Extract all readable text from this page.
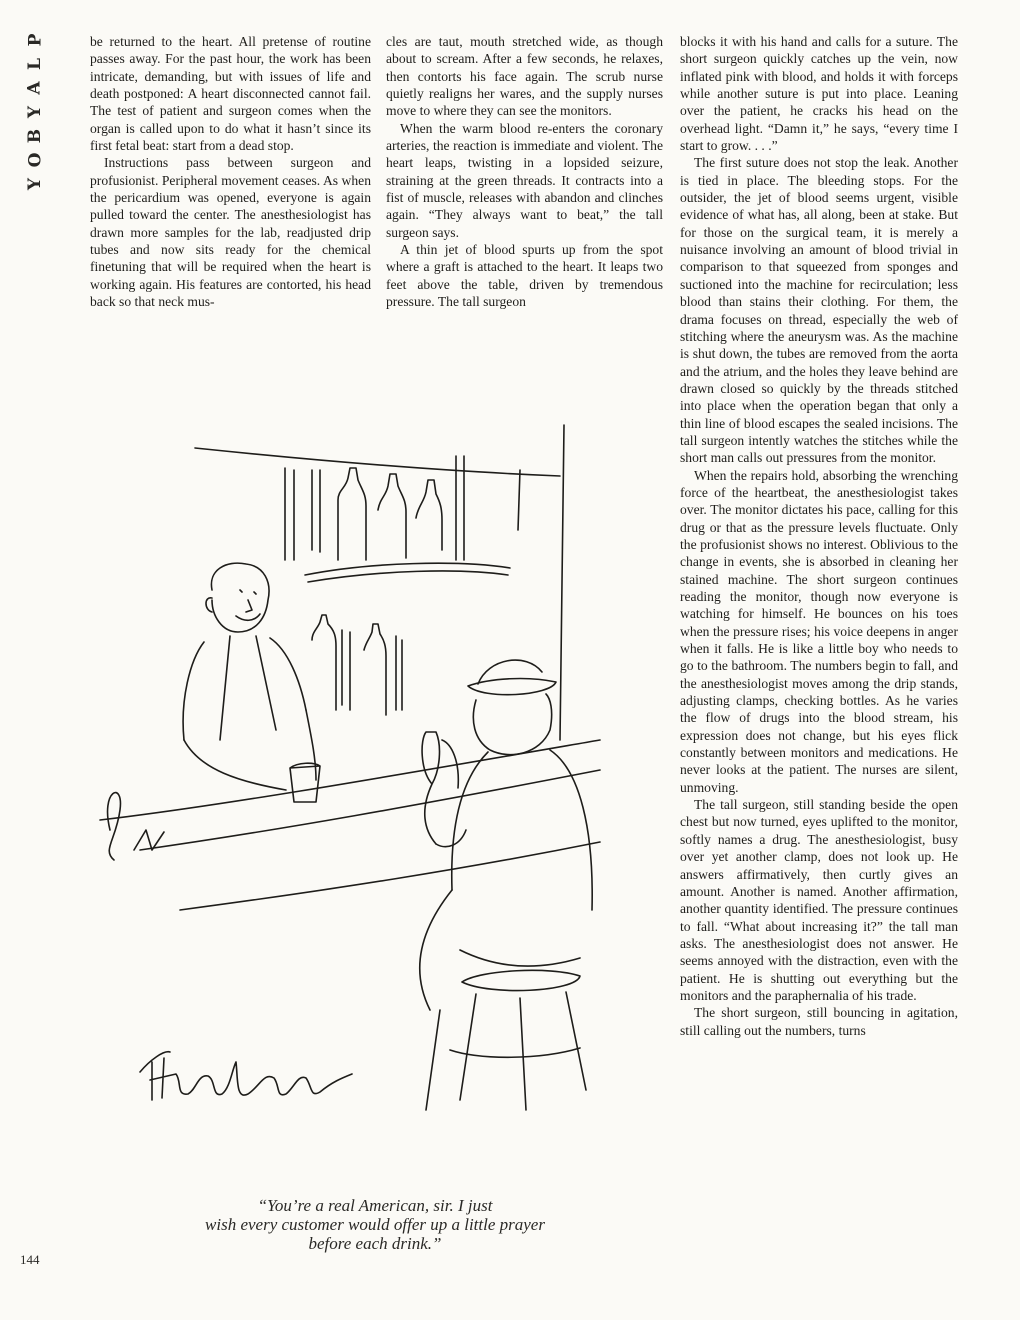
P
L
A
Y
B
O
Y

be returned to the heart. All pretense of routine passes away. For the past hour, the work has been intricate, demanding, but with issues of life and death postponed: A heart disconnected cannot fail. The test of patient and surgeon comes when the organ is called upon to do what it hasn’t since its first fetal beat: start from a dead stop.

Instructions pass between surgeon and profusionist. Peripheral movement ceases. As when the pericardium was opened, everyone is again pulled toward the center. The anesthesiologist has drawn more samples for the lab, readjusted drip tubes and now sits ready for the chemical finetuning that will be required when the heart is working again. His features are contorted, his head back so that neck mus-

cles are taut, mouth stretched wide, as though about to scream. After a few seconds, he relaxes, then contorts his face again. The scrub nurse quietly realigns her wares, and the supply nurses move to where they can see the monitors.

When the warm blood re-enters the coronary arteries, the reaction is immediate and violent. The heart leaps, twisting in a lopsided seizure, straining at the green threads. It contracts into a fist of muscle, releases with abandon and clinches again. “They always want to beat,” the tall surgeon says.

A thin jet of blood spurts up from the spot where a graft is attached to the heart. It leaps two feet above the table, driven by tremendous pressure. The tall surgeon

blocks it with his hand and calls for a suture. The short surgeon quickly catches up the vein, now inflated pink with blood, and holds it with forceps while another suture is put into place. Leaning over the patient, he cracks his head on the overhead light. “Damn it,” he says, “every time I start to grow. . . .”

The first suture does not stop the leak. Another is tied in place. The bleeding stops. For the outsider, the jet of blood seems urgent, visible evidence of what has, all along, been at stake. But for those on the surgical team, it is merely a nuisance involving an amount of blood trivial in comparison to that squeezed from sponges and suctioned into the machine for recirculation; less blood than stains their clothing. For them, the drama focuses on thread, especially the web of stitching where the aneurysm was. As the machine is shut down, the tubes are removed from the aorta and the atrium, and the holes they leave behind are drawn closed so quickly by the threads stitched into place when the operation began that only a thin line of blood escapes the sealed incisions. The tall surgeon intently watches the stitches while the short man calls out pressures from the monitor.

When the repairs hold, absorbing the wrenching force of the heartbeat, the anesthesiologist takes over. The monitor dictates his pace, calling for this drug or that as the pressure levels fluctuate. Only the profusionist shows no interest. Oblivious to the change in events, she is absorbed in cleaning her stained machine. The short surgeon continues reading the monitor, though now everyone is watching for himself. He bounces on his toes when the pressure rises; his voice deepens in anger when it falls. He is like a little boy who needs to go to the bathroom. The numbers begin to fall, and the anesthesiologist moves among the drip stands, adjusting clamps, checking bottles. As he varies the flow of drugs into the blood stream, his expression does not change, but his eyes flick constantly between monitors and medications. He never looks at the patient. The nurses are silent, unmoving.

The tall surgeon, still standing beside the open chest but now turned, eyes uplifted to the monitor, softly names a drug. The anesthesiologist, busy over yet another clamp, does not look up. He answers affirmatively, then curtly gives an amount. Another is named. Another affirmation, another quantity identified. The pressure continues to fall. “What about increasing it?” the tall man asks. The anesthesiologist does not answer. He seems annoyed with the distraction, even with the patient. He is shutting out everything but the monitors and the paraphernalia of his trade.

The short surgeon, still bouncing in agitation, still calling out the numbers, turns

“You’re a real American, sir. I just
wish every customer would offer up a little prayer
before each drink.”
144
